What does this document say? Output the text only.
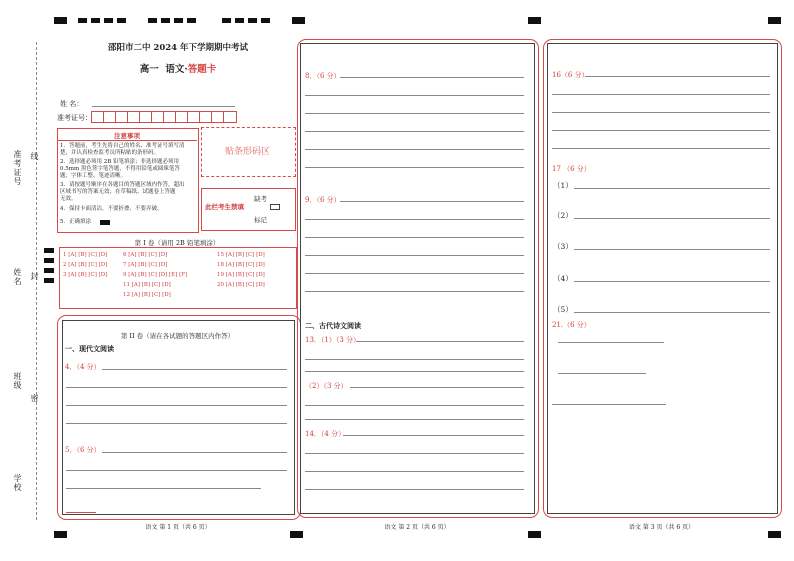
准考证号 线
姓名 封
班级
密
学校
邵阳市二中 2024 年下学期期中考试
高一 语文·答题卡
姓 名：
准考证号：
注意事项
1．答题前，考生先将自己的姓名、准考证号填写清
楚，并认真检查监考员所粘贴的条形码。
2．选择题必须用 2B 铅笔填涂；非选择题必须用
0.5mm 黑色签字笔答题，不得用铅笔或圆珠笔答
题；字体工整、笔迹清晰。
3．请按题号顺序在各题目的答题区域内作答，超出
区域书写的答案无效；在草稿纸、试题卷上答题
无效。
4．保持卡面清洁，不要折叠、不要弄破。
5．正确填涂
贴条形码区
此栏考生禁填
缺考
标记
第 I 卷（请用 2B 铅笔填涂）
1 [A] [B] [C] [D]
2 [A] [B] [C] [D]
3 [A] [B] [C] [D]
6 [A] [B] [C] [D]
7 [A] [B] [C] [D]
9 [A] [B] [C] [D] [E] [F]
11 [A] [B] [C] [D]
12 [A] [B] [C] [D]
15 [A] [B] [C] [D]
18 [A] [B] [C] [D]
19 [A] [B] [C] [D]
20 [A] [B] [C] [D]
第 II 卷（请在各试题的答题区内作答）
一、现代文阅读
4．（4 分）
5．（6 分）
语文 第 1 页（共 6 页）
8．（6 分）
9．（6 分）
二、古代诗文阅读
13．（1）（3 分）
（2）（3 分）
14．（4 分）
语文 第 2 页（共 6 页）
16（6 分）
17 （6 分）
（1）
（2）
（3）
（4）
（5）
21.（6 分）
语文 第 3 页（共 6 页）
